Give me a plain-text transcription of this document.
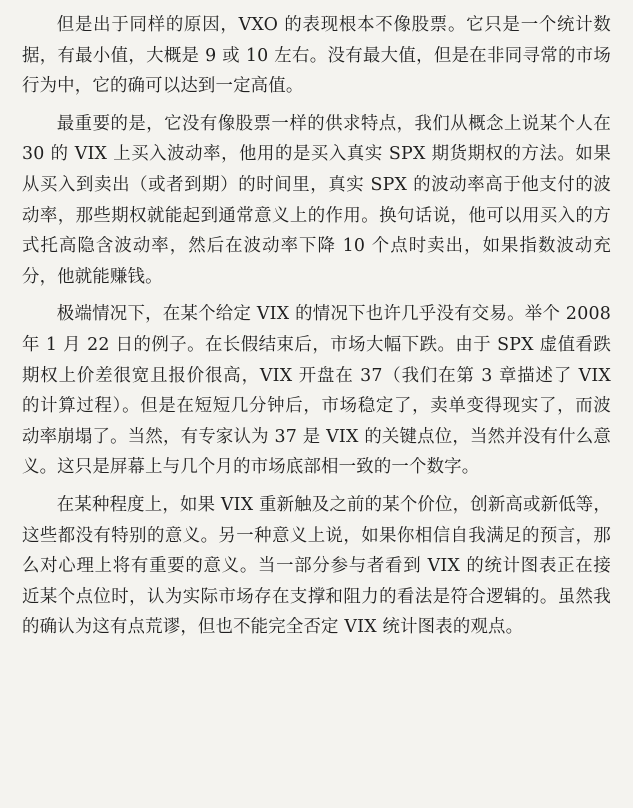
但是出于同样的原因，VXO 的表现根本不像股票。它只是一个统计数据，有最小值，大概是 9 或 10 左右。没有最大值，但是在非同寻常的市场行为中，它的确可以达到一定高值。

最重要的是，它没有像股票一样的供求特点，我们从概念上说某个人在 30 的 VIX 上买入波动率，他用的是买入真实 SPX 期货期权的方法。如果从买入到卖出（或者到期）的时间里，真实 SPX 的波动率高于他支付的波动率，那些期权就能起到通常意义上的作用。换句话说，他可以用买入的方式托高隐含波动率，然后在波动率下降 10 个点时卖出，如果指数波动充分，他就能赚钱。

极端情况下，在某个给定 VIX 的情况下也许几乎没有交易。举个 2008 年 1 月 22 日的例子。在长假结束后，市场大幅下跌。由于 SPX 虚值看跌期权上价差很宽且报价很高，VIX 开盘在 37（我们在第 3 章描述了 VIX 的计算过程）。但是在短短几分钟后，市场稳定了，卖单变得现实了，而波动率崩塌了。当然，有专家认为 37 是 VIX 的关键点位，当然并没有什么意义。这只是屏幕上与几个月的市场底部相一致的一个数字。

在某种程度上，如果 VIX 重新触及之前的某个价位，创新高或新低等，这些都没有特别的意义。另一种意义上说，如果你相信自我满足的预言，那么对心理上将有重要的意义。当一部分参与者看到 VIX 的统计图表正在接近某个点位时，认为实际市场存在支撑和阻力的看法是符合逻辑的。虽然我的确认为这有点荒谬，但也不能完全否定 VIX 统计图表的观点。
